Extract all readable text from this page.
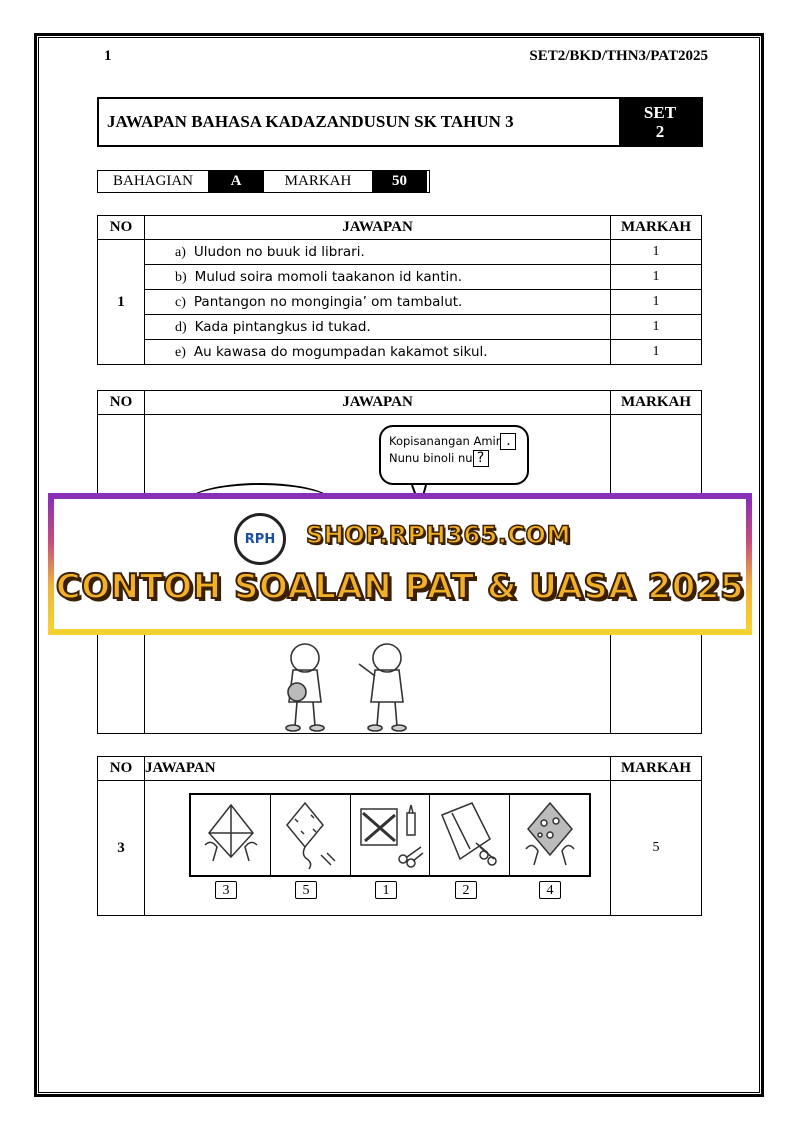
1	SET2/BKD/THN3/PAT2025
JAWAPAN BAHASA KADAZANDUSUN SK TAHUN 3	SET
2
BAHAGIAN	A	MARKAH	50
NO	JAWAPAN	MARKAH
1	a) Uludon no buuk id librari.	1
	b) Mulud soira momoli taakanon id kantin.	1
	c) Pantangon no mongingia’ om tambalut.	1
	d) Kada pintangkus id tukad.	1
	e) Au kawasa do mogumpadan kakamot sikul.	1
NO	JAWAPAN	MARKAH

	Kopisanangan Amir .
Nunu binoli nu ?	

NO	JAWAPAN	MARKAH
3	3 5 1 2 4	5
RPH	SHOP.RPH365.COM
CONTOH SOALAN PAT & UASA 2025
